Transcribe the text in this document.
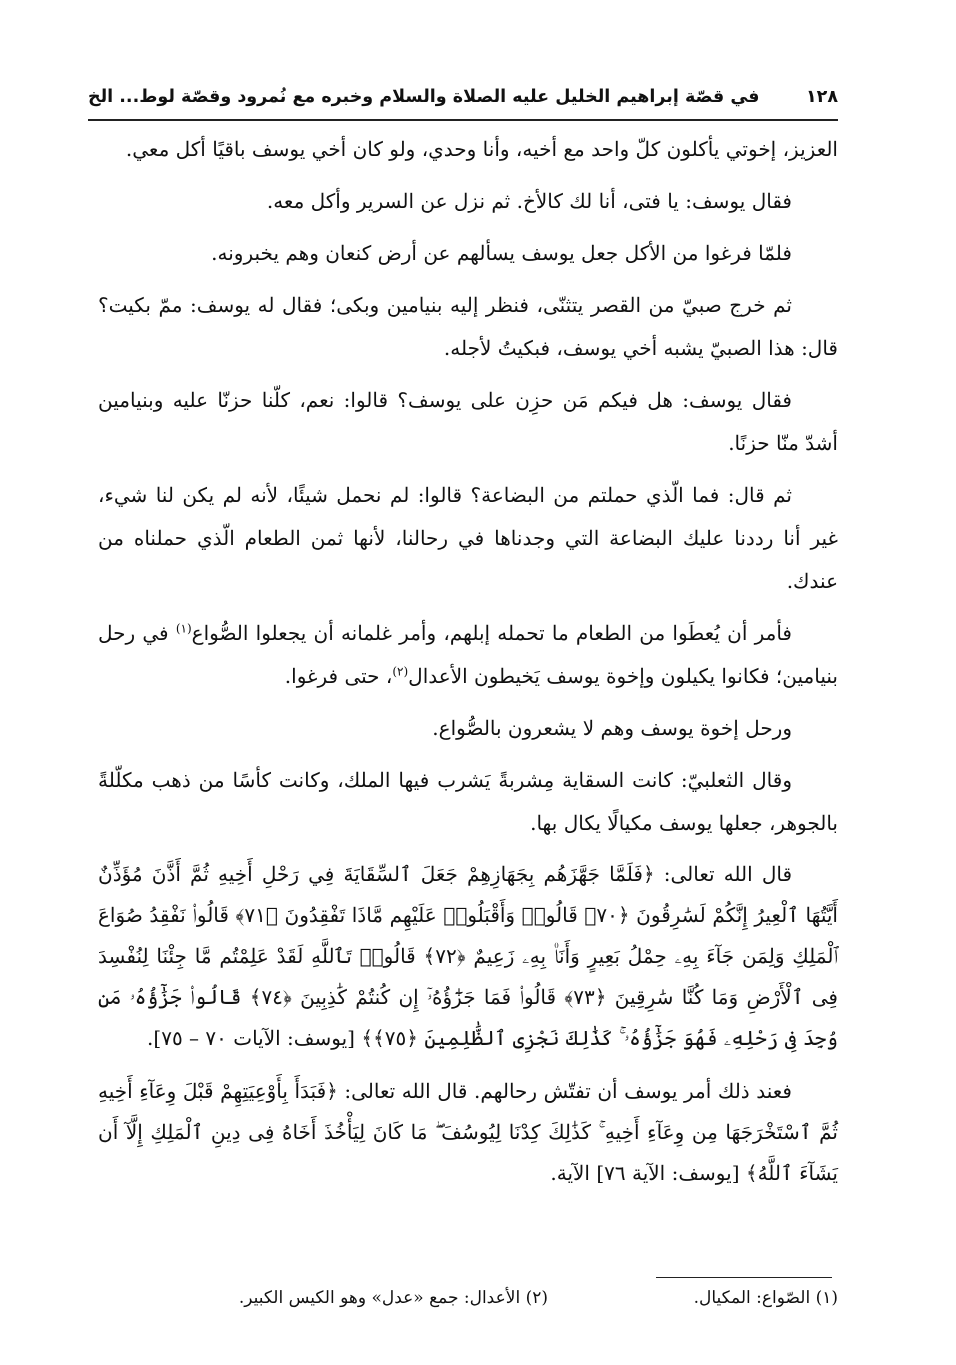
١٢٨
في قصّة إبراهيم الخليل عليه الصلاة والسلام وخبره مع نُمرود وقصّة لوط... الخ

العزيز، إخوتي يأكلون كلّ واحد مع أخيه، وأنا وحدي، ولو كان أخي يوسف باقيًا أكل معي.

فقال يوسف: يا فتى، أنا لك كالأخ. ثم نزل عن السرير وأكل معه.

فلمّا فرغوا من الأكل جعل يوسف يسألهم عن أرض كنعان وهم يخبرونه.

ثم خرج صبيّ من القصر يتثنّى، فنظر إليه بنيامين وبكى؛ فقال له يوسف: ممّ بكيت؟ قال: هذا الصبيّ يشبه أخي يوسف، فبكيتُ لأجله.

فقال يوسف: هل فيكم مَن حزِن على يوسف؟ قالوا: نعم، كلّنا حزنّا عليه وبنيامين أشدّ منّا حزنًا.

ثم قال: فما الّذي حملتم من البضاعة؟ قالوا: لم نحمل شيئًا، لأنه لم يكن لنا شيء، غير أنا رددنا عليك البضاعة التي وجدناها في رحالنا، لأنها ثمن الطعام الّذي حملناه من عندك.

فأمر أن يُعطَوا من الطعام ما تحمله إبلهم، وأمر غلمانه أن يجعلوا الصُّواع$^{(١)}$ في رحل بنيامين؛ فكانوا يكيلون وإخوة يوسف يَخيطون الأعدال$^{(٢)}$، حتى فرغوا.

ورحل إخوة يوسف وهم لا يشعرون بالصُّواع.

وقال الثعلبيّ: كانت السقاية مِشربةً يَشرب فيها الملك، وكانت كأسًا من ذهب مكلّلةً بالجوهر، جعلها يوسف مكيالًا يكال بها.

قال الله تعالى: ﴿فَلَمَّا جَهَّزَهُم بِجَهَازِهِمْ جَعَلَ ٱلسِّقَايَةَ فِي رَحْلِ أَخِيهِ ثُمَّ أَذَّنَ مُؤَذِّنٌ أَيَّتُهَا ٱلْعِيرُ إِنَّكُمْ لَسَٰرِقُونَ ﴿٧٠﴾ قَالُوا۟ وَأَقْبَلُوا۟ عَلَيْهِم مَّاذَا تَفْقِدُونَ ﴿٧١﴾ قَالُوا۟ نَفْقِدُ صُوَاعَ ٱلْمَلِكِ وَلِمَن جَآءَ بِهِۦ حِمْلُ بَعِيرٍ وَأَنَا۠ بِهِۦ زَعِيمٌ ﴿٧٢﴾ قَالُوا۟ تَٱللَّهِ لَقَدْ عَلِمْتُم مَّا جِئْنَا لِنُفْسِدَ فِى ٱلْأَرْضِ وَمَا كُنَّا سَٰرِقِينَ ﴿٧٣﴾ قَالُوا۟ فَمَا جَزَٰٓؤُهُۥٓ إِن كُنتُمْ كَٰذِبِينَ ﴿٧٤﴾ قَالُوا۟ جَزَٰٓؤُهُۥ مَن وُجِدَ فِى رَحْلِهِۦ فَهُوَ جَزَٰٓؤُهُۥ ۚ كَذَٰلِكَ نَجْزِى ٱلظَّٰلِمِينَ ﴿٧٥﴾﴾ [يوسف: الآيات ٧٠ – ٧٥].

فعند ذلك أمر يوسف أن تفتّش رحالهم. قال الله تعالى: ﴿فَبَدَأَ بِأَوْعِيَتِهِمْ قَبْلَ وِعَآءِ أَخِيهِ ثُمَّ ٱسْتَخْرَجَهَا مِن وِعَآءِ أَخِيهِ ۚ كَذَٰلِكَ كِدْنَا لِيُوسُفَ ۖ مَا كَانَ لِيَأْخُذَ أَخَاهُ فِى دِينِ ٱلْمَلِكِ إِلَّآ أَن يَشَآءَ ٱللَّهُ﴾ [يوسف: الآية ٧٦] الآية.

(١) الصّواع: المكيال.
(٢) الأعدال: جمع «عدل» وهو الكيس الكبير.
